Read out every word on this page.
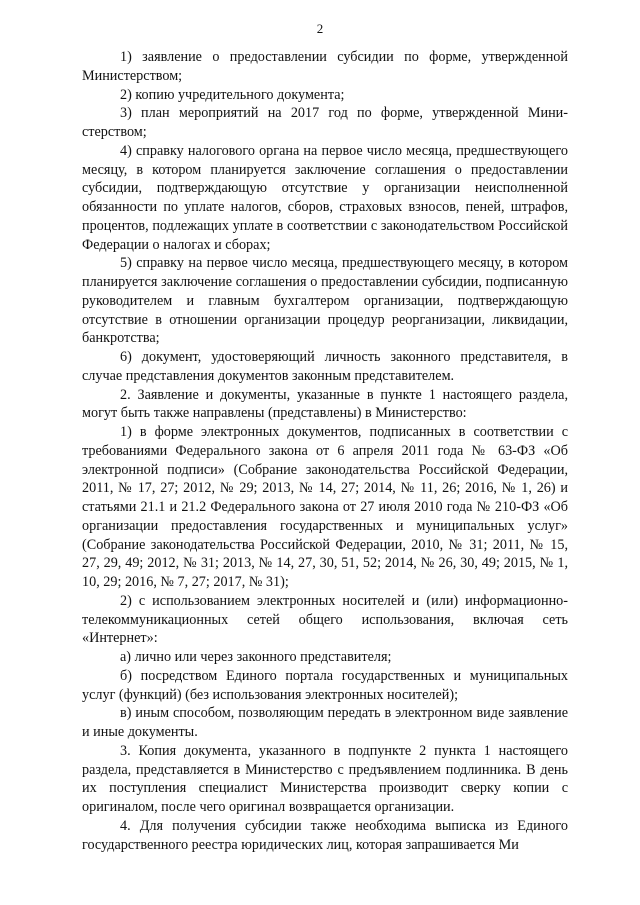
2

1) заявление о предоставлении субсидии по форме, утвержденной Министерством;

2) копию учредительного документа;

3) план мероприятий на 2017 год по форме, утвержденной Министерством;

4) справку налогового органа на первое число месяца, предшествующего месяцу, в котором планируется заключение соглашения о предоставлении субсидии, подтверждающую отсутствие у организации неисполненной обязанности по уплате налогов, сборов, страховых взносов, пеней, штрафов, процентов, подлежащих уплате в соответствии с законодательством Российской Федерации о налогах и сборах;

5) справку на первое число месяца, предшествующего месяцу, в котором планируется заключение соглашения о предоставлении субсидии, подписанную руководителем и главным бухгалтером организации, подтверждающую отсутствие в отношении организации процедур реорганизации, ликвидации, банкротства;

6) документ, удостоверяющий личность законного представителя, в случае представления документов законным представителем.

2. Заявление и документы, указанные в пункте 1 настоящего раздела, могут быть также направлены (представлены) в Министерство:

1) в форме электронных документов, подписанных в соответствии с требованиями Федерального закона от 6 апреля 2011 года № 63-ФЗ «Об электронной подписи» (Собрание законодательства Российской Федерации, 2011, № 17, 27; 2012, № 29; 2013, № 14, 27; 2014, № 11, 26; 2016, № 1, 26) и статьями 21.1 и 21.2 Федерального закона от 27 июля 2010 года № 210-ФЗ «Об организации предоставления государственных и муниципальных услуг» (Собрание законодательства Российской Федерации, 2010, № 31; 2011, № 15, 27, 29, 49; 2012, № 31; 2013, № 14, 27, 30, 51, 52; 2014, № 26, 30, 49; 2015, № 1, 10, 29; 2016, № 7, 27; 2017, № 31);

2) с использованием электронных носителей и (или) информационно-телекоммуникационных сетей общего использования, включая сеть «Интернет»:

а) лично или через законного представителя;

б) посредством Единого портала государственных и муниципальных услуг (функций) (без использования электронных носителей);

в) иным способом, позволяющим передать в электронном виде заявление и иные документы.

3. Копия документа, указанного в подпункте 2 пункта 1 настоящего раздела, представляется в Министерство с предъявлением подлинника. В день их поступления специалист Министерства производит сверку копии с оригиналом, после чего оригинал возвращается организации.

4. Для получения субсидии также необходима выписка из Единого государственного реестра юридических лиц, которая запрашивается Ми
